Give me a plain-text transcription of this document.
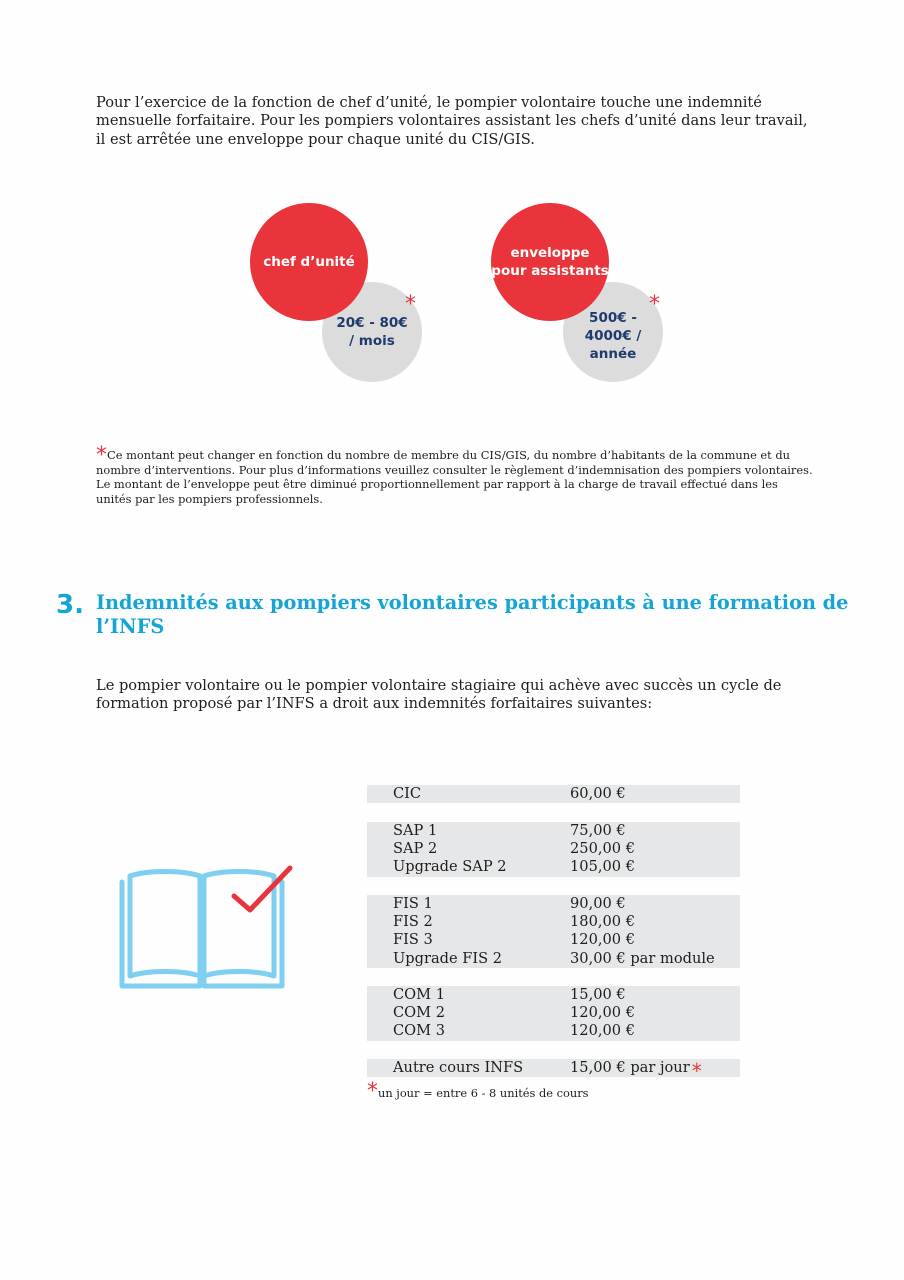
Pour l’exercice de la fonction de chef d’unité, le pompier volontaire touche une indemnité mensuelle forfaitaire. Pour les pompiers volontaires assistant les chefs d’unité dans leur travail, il est arrêtée une enveloppe pour chaque unité du CIS/GIS.

20€ - 80€
/ mois
chef d’unité
*
500€ -
4000€ /
année
enveloppe
pour assistants
*
*Ce montant peut changer en fonction du nombre de membre du CIS/GIS, du nombre d’habitants de la commune et du nombre d’interventions. Pour plus d’informations veuillez consulter le règlement d’indemnisation des pompiers volontaires.
Le montant de l’enveloppe peut être diminué proportionnellement par rapport à la charge de travail effectué dans les unités par les pompiers professionnels.
3. Indemnités aux pompiers volontaires participants à une formation de l’INFS

Le pompier volontaire ou le pompier volontaire stagiaire qui achève avec succès un cycle de formation proposé par l’INFS a droit aux indemnités forfaitaires suivantes:

CIC	60,00 €
SAP 1	75,00 €
SAP 2	250,00 €
Upgrade SAP 2	105,00 €
FIS 1	90,00 €
FIS 2	180,00 €
FIS 3	120,00 €
Upgrade FIS 2	30,00 € par module
COM 1	15,00 €
COM 2	120,00 €
COM 3	120,00 €
Autre cours INFS	15,00 € par jour *
*un jour = entre 6 - 8 unités de cours
